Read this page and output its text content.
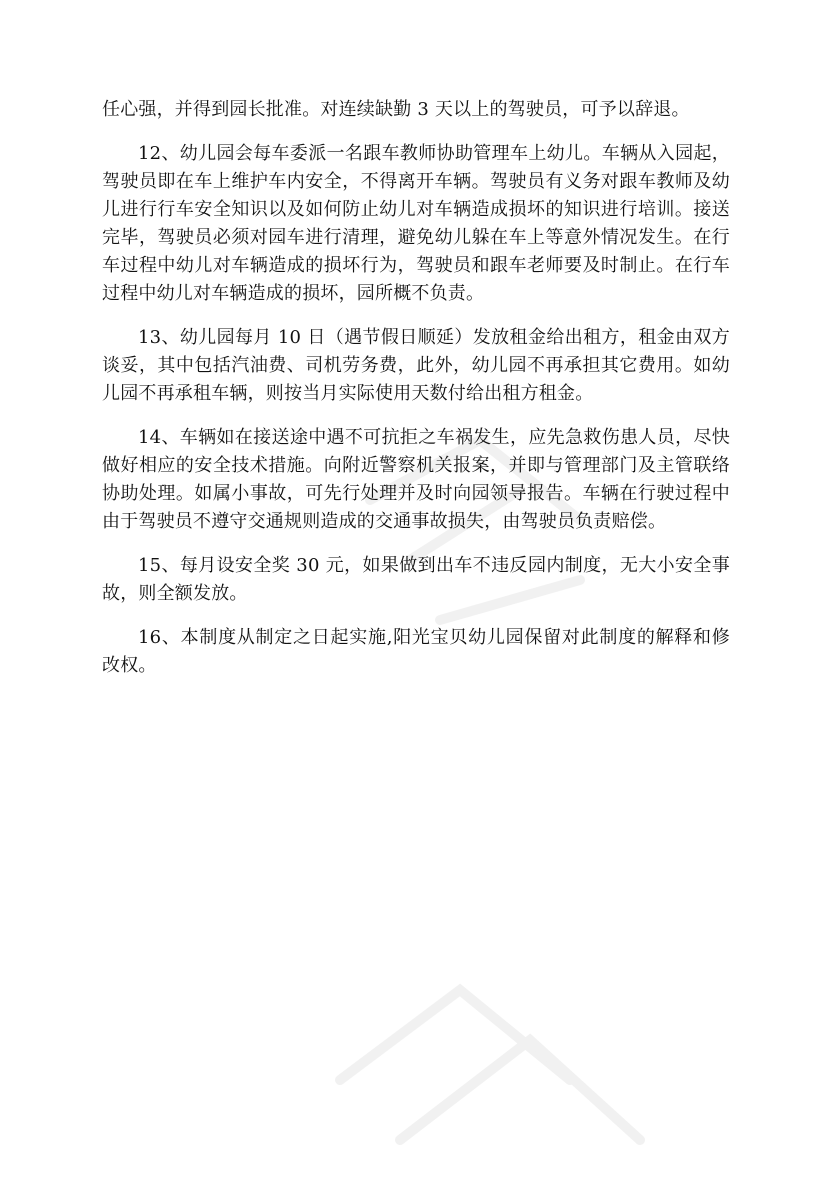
任心强，并得到园长批准。对连续缺勤 3 天以上的驾驶员，可予以辞退。

12、幼儿园会每车委派一名跟车教师协助管理车上幼儿。车辆从入园起，驾驶员即在车上维护车内安全，不得离开车辆。驾驶员有义务对跟车教师及幼儿进行行车安全知识以及如何防止幼儿对车辆造成损坏的知识进行培训。接送完毕，驾驶员必须对园车进行清理，避免幼儿躲在车上等意外情况发生。在行车过程中幼儿对车辆造成的损坏行为，驾驶员和跟车老师要及时制止。在行车过程中幼儿对车辆造成的损坏，园所概不负责。

13、幼儿园每月 10 日（遇节假日顺延）发放租金给出租方，租金由双方谈妥，其中包括汽油费、司机劳务费，此外，幼儿园不再承担其它费用。如幼儿园不再承租车辆，则按当月实际使用天数付给出租方租金。

14、车辆如在接送途中遇不可抗拒之车祸发生，应先急救伤患人员，尽快做好相应的安全技术措施。向附近警察机关报案，并即与管理部门及主管联络协助处理。如属小事故，可先行处理并及时向园领导报告。车辆在行驶过程中由于驾驶员不遵守交通规则造成的交通事故损失，由驾驶员负责赔偿。

15、每月设安全奖 30 元，如果做到出车不违反园内制度，无大小安全事故，则全额发放。

16、本制度从制定之日起实施,阳光宝贝幼儿园保留对此制度的解释和修改权。
